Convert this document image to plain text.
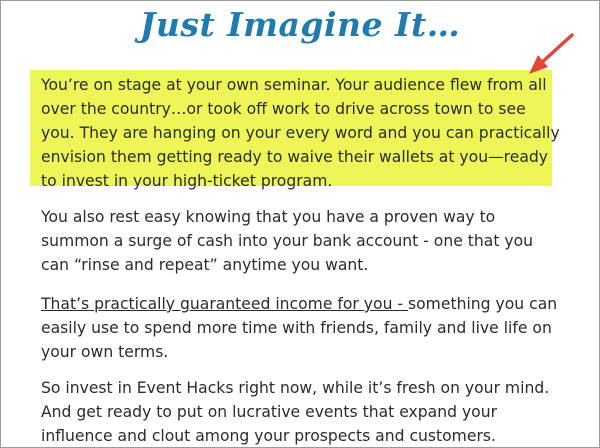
Just Imagine It…

You’re on stage at your own seminar. Your audience flew from all over the country…or took off work to drive across town to see you. They are hanging on your every word and you can practically envision them getting ready to waive their wallets at you—ready to invest in your high-ticket program.

You also rest easy knowing that you have a proven way to summon a surge of cash into your bank account - one that you can “rinse and repeat” anytime you want.

That’s practically guaranteed income for you - something you can easily use to spend more time with friends, family and live life on your own terms.

So invest in Event Hacks right now, while it’s fresh on your mind. And get ready to put on lucrative events that expand your influence and clout among your prospects and customers.
